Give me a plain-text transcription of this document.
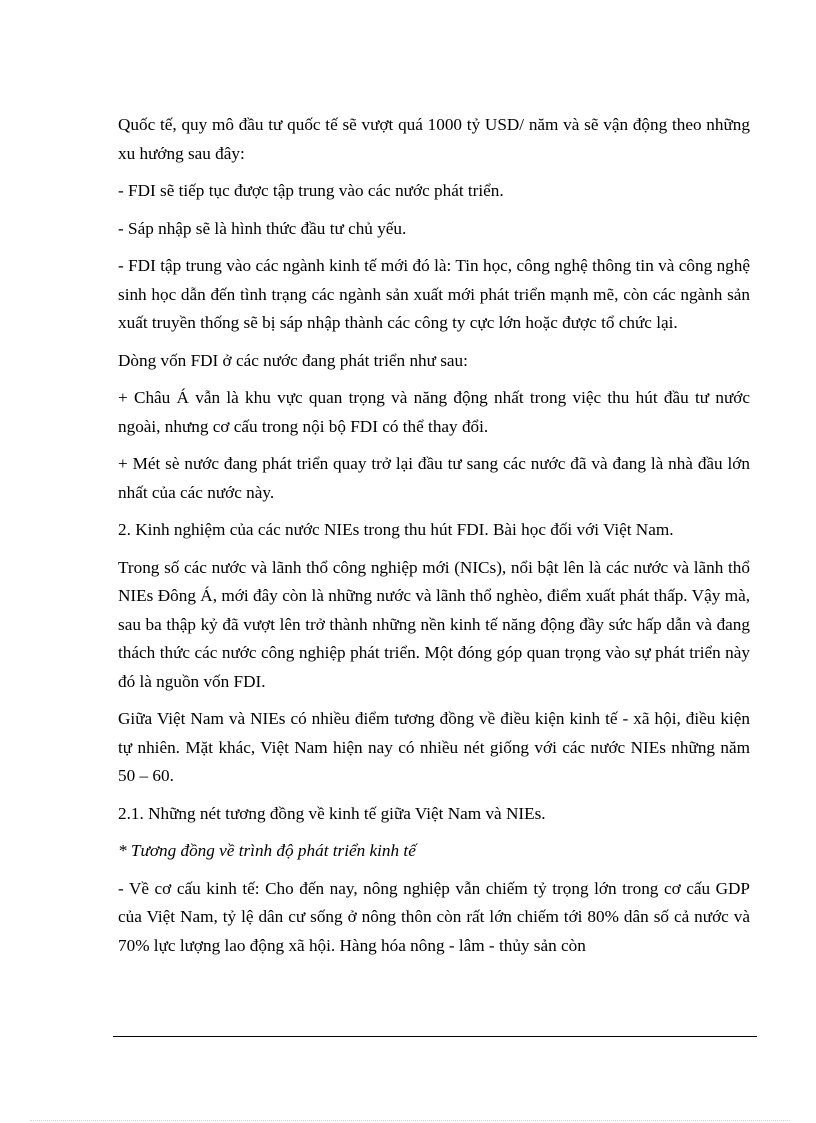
Quốc tế, quy mô đầu tư quốc tế sẽ vượt quá 1000 tỷ USD/ năm và sẽ vận động theo những xu hướng sau đây:

- FDI sẽ tiếp tục được tập trung vào các nước phát triển.

- Sáp nhập sẽ là hình thức đầu tư chủ yếu.

- FDI tập trung vào các ngành kinh tế mới đó là: Tin học, công nghệ thông tin và công nghệ sinh học dẫn đến tình trạng các ngành sản xuất mới phát triển mạnh mẽ, còn các ngành sản xuất truyền thống sẽ bị sáp nhập thành các công ty cực lớn hoặc được tổ chức lại.

Dòng vốn FDI ở các nước đang phát triển như sau:

+ Châu Á vẫn là khu vực quan trọng và năng động nhất trong việc thu hút đầu tư nước ngoài, nhưng cơ cấu trong nội bộ FDI có thể thay đổi.

+ Mét sè nước đang phát triển quay trở lại đầu tư sang các nước đã và đang là nhà đầu lớn nhất của các nước này.

2. Kinh nghiệm của các nước NIEs trong thu hút FDI. Bài học đối với Việt Nam.

Trong số các nước và lãnh thổ công nghiệp mới (NICs), nổi bật lên là các nước và lãnh thổ NIEs Đông Á, mới đây còn là những nước và lãnh thổ nghèo, điểm xuất phát thấp. Vậy mà, sau ba thập kỷ đã vượt lên trở thành những nền kinh tế năng động đầy sức hấp dẫn và đang thách thức các nước công nghiệp phát triển. Một đóng góp quan trọng vào sự phát triển này đó là nguồn vốn FDI.

Giữa Việt Nam và NIEs có nhiều điểm tương đồng về điều kiện kinh tế - xã hội, điều kiện tự nhiên. Mặt khác, Việt Nam hiện nay có nhiều nét giống với các nước NIEs những năm 50 – 60.

2.1. Những nét tương đồng về kinh tế giữa Việt Nam và NIEs.

* Tương đồng về trình độ phát triển kinh tế

- Về cơ cấu kinh tế: Cho đến nay, nông nghiệp vẫn chiếm tỷ trọng lớn trong cơ cấu GDP của Việt Nam, tỷ lệ dân cư sống ở nông thôn còn rất lớn chiếm tới 80% dân số cả nước và 70% lực lượng lao động xã hội. Hàng hóa nông - lâm - thủy sản còn
